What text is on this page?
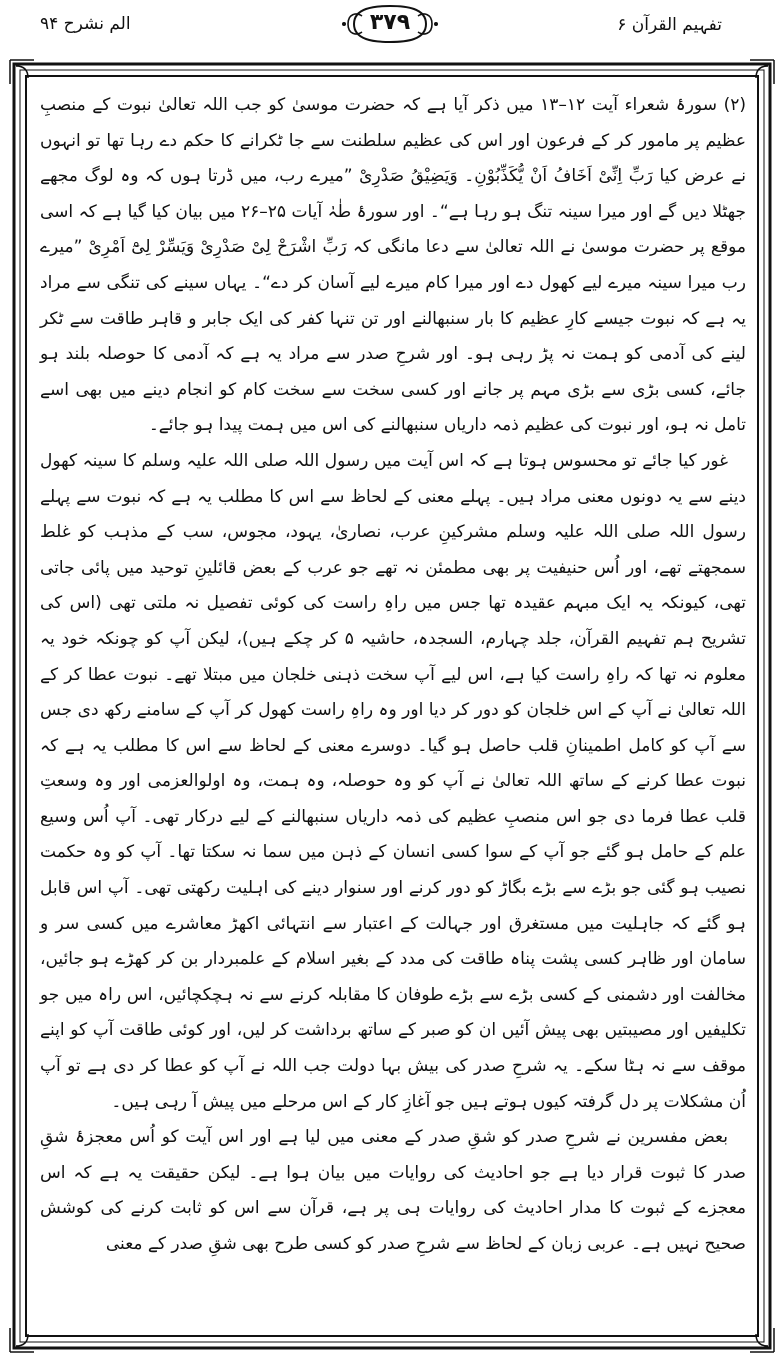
تفہیم القرآن ۶
۳۷۹
الم نشرح ۹۴

(۲) سورۂ شعراء آیت ۱۲–۱۳ میں ذکر آیا ہے کہ حضرت موسیٰ کو جب اللہ تعالیٰ نبوت کے منصبِ عظیم پر مامور کر کے فرعون اور اس کی عظیم سلطنت سے جا ٹکرانے کا حکم دے رہا تھا تو انہوں نے عرض کیا رَبِّ اِنِّیْ اَخَافُ اَنْ یُّکَذِّبُوْنِ۔ وَیَضِیْقُ صَدْرِیْ ”میرے رب، میں ڈرتا ہوں کہ وہ لوگ مجھے جھٹلا دیں گے اور میرا سینہ تنگ ہو رہا ہے“۔ اور سورۂ طٰہٰ آیات ۲۵–۲۶ میں بیان کیا گیا ہے کہ اسی موقع پر حضرت موسیٰ نے اللہ تعالیٰ سے دعا مانگی کہ رَبِّ اشْرَحْ لِیْ صَدْرِیْ وَیَسِّرْ لِیْٓ اَمْرِیْ ”میرے رب میرا سینہ میرے لیے کھول دے اور میرا کام میرے لیے آسان کر دے“۔ یہاں سینے کی تنگی سے مراد یہ ہے کہ نبوت جیسے کارِ عظیم کا بار سنبھالنے اور تن تنہا کفر کی ایک جابر و قاہر طاقت سے ٹکر لینے کی آدمی کو ہمت نہ پڑ رہی ہو۔ اور شرحِ صدر سے مراد یہ ہے کہ آدمی کا حوصلہ بلند ہو جائے، کسی بڑی سے بڑی مہم پر جانے اور کسی سخت سے سخت کام کو انجام دینے میں بھی اسے تامل نہ ہو، اور نبوت کی عظیم ذمہ داریاں سنبھالنے کی اس میں ہمت پیدا ہو جائے۔

غور کیا جائے تو محسوس ہوتا ہے کہ اس آیت میں رسول اللہ صلی اللہ علیہ وسلم کا سینہ کھول دینے سے یہ دونوں معنی مراد ہیں۔ پہلے معنی کے لحاظ سے اس کا مطلب یہ ہے کہ نبوت سے پہلے رسول اللہ صلی اللہ علیہ وسلم مشرکینِ عرب، نصاریٰ، یہود، مجوس، سب کے مذہب کو غلط سمجھتے تھے، اور اُس حنیفیت پر بھی مطمئن نہ تھے جو عرب کے بعض قائلینِ توحید میں پائی جاتی تھی، کیونکہ یہ ایک مبہم عقیدہ تھا جس میں راہِ راست کی کوئی تفصیل نہ ملتی تھی (اس کی تشریح ہم تفہیم القرآن، جلد چہارم، السجدہ، حاشیہ ۵ کر چکے ہیں)، لیکن آپ کو چونکہ خود یہ معلوم نہ تھا کہ راہِ راست کیا ہے، اس لیے آپ سخت ذہنی خلجان میں مبتلا تھے۔ نبوت عطا کر کے اللہ تعالیٰ نے آپ کے اس خلجان کو دور کر دیا اور وہ راہِ راست کھول کر آپ کے سامنے رکھ دی جس سے آپ کو کامل اطمینانِ قلب حاصل ہو گیا۔ دوسرے معنی کے لحاظ سے اس کا مطلب یہ ہے کہ نبوت عطا کرنے کے ساتھ اللہ تعالیٰ نے آپ کو وہ حوصلہ، وہ ہمت، وہ اولوالعزمی اور وہ وسعتِ قلب عطا فرما دی جو اس منصبِ عظیم کی ذمہ داریاں سنبھالنے کے لیے درکار تھی۔ آپ اُس وسیع علم کے حامل ہو گئے جو آپ کے سوا کسی انسان کے ذہن میں سما نہ سکتا تھا۔ آپ کو وہ حکمت نصیب ہو گئی جو بڑے سے بڑے بگاڑ کو دور کرنے اور سنوار دینے کی اہلیت رکھتی تھی۔ آپ اس قابل ہو گئے کہ جاہلیت میں مستغرق اور جہالت کے اعتبار سے انتہائی اکھڑ معاشرے میں کسی سر و سامان اور ظاہر کسی پشت پناہ طاقت کی مدد کے بغیر اسلام کے علمبردار بن کر کھڑے ہو جائیں، مخالفت اور دشمنی کے کسی بڑے سے بڑے طوفان کا مقابلہ کرنے سے نہ ہچکچائیں، اس راہ میں جو تکلیفیں اور مصیبتیں بھی پیش آئیں ان کو صبر کے ساتھ برداشت کر لیں، اور کوئی طاقت آپ کو اپنے موقف سے نہ ہٹا سکے۔ یہ شرحِ صدر کی بیش بہا دولت جب اللہ نے آپ کو عطا کر دی ہے تو آپ اُن مشکلات پر دل گرفتہ کیوں ہوتے ہیں جو آغازِ کار کے اس مرحلے میں پیش آ رہی ہیں۔

بعض مفسرین نے شرحِ صدر کو شقِ صدر کے معنی میں لیا ہے اور اس آیت کو اُس معجزۂ شقِ صدر کا ثبوت قرار دیا ہے جو احادیث کی روایات میں بیان ہوا ہے۔ لیکن حقیقت یہ ہے کہ اس معجزے کے ثبوت کا مدار احادیث کی روایات ہی پر ہے، قرآن سے اس کو ثابت کرنے کی کوشش صحیح نہیں ہے۔ عربی زبان کے لحاظ سے شرحِ صدر کو کسی طرح بھی شقِ صدر کے معنی
